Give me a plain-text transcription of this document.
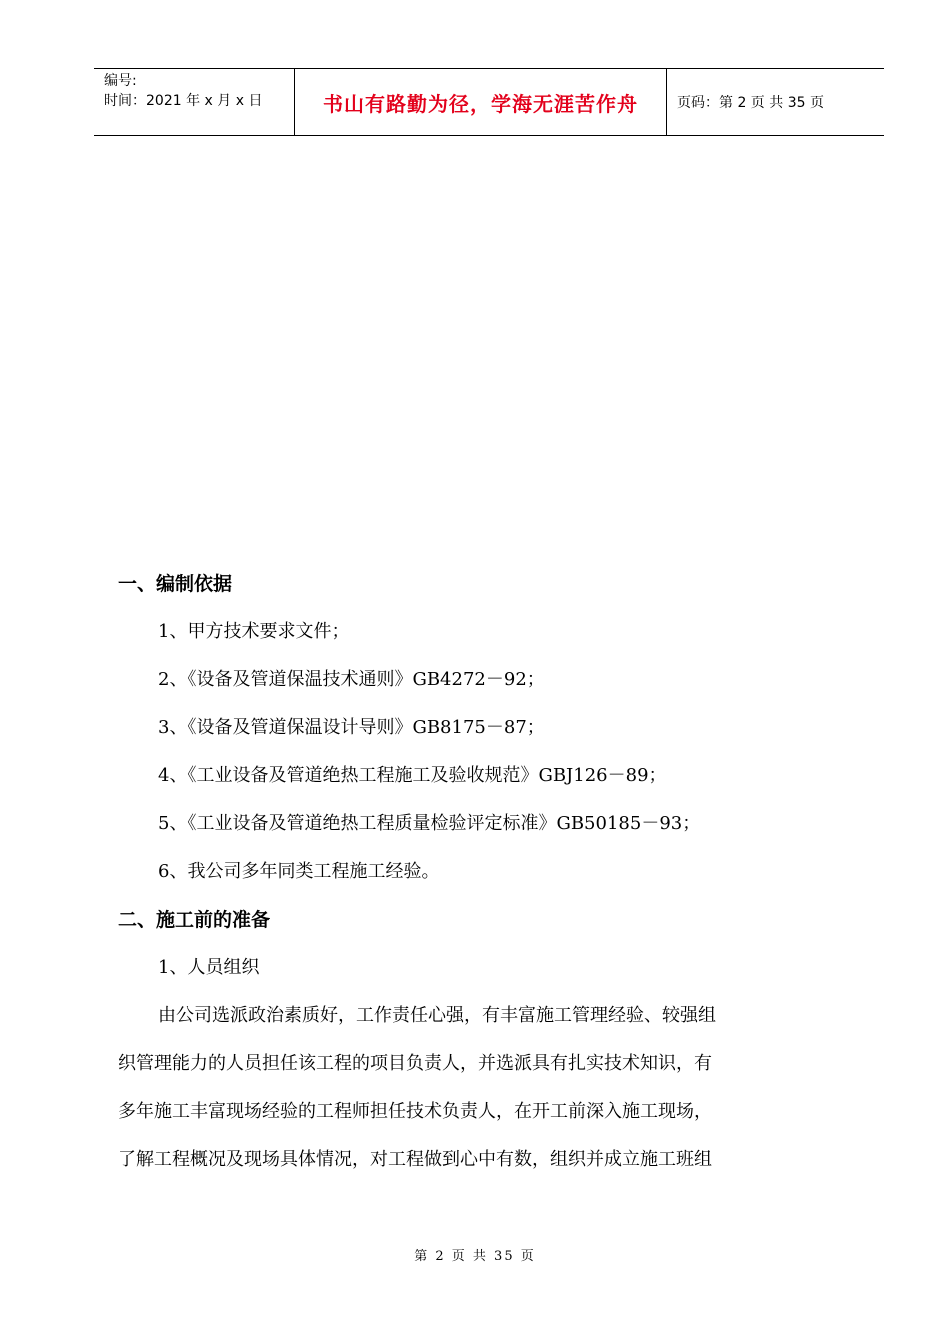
编号:
时间：2021 年 x 月 x 日	书山有路勤为径，学海无涯苦作舟	页码：第 2 页 共 35 页
一、编制依据
1、甲方技术要求文件；
2、《设备及管道保温技术通则》GB4272－92；
3、《设备及管道保温设计导则》GB8175－87；
4、《工业设备及管道绝热工程施工及验收规范》GBJ126－89；
5、《工业设备及管道绝热工程质量检验评定标准》GB50185－93；
6、我公司多年同类工程施工经验。
二、施工前的准备
1、人员组织
由公司选派政治素质好，工作责任心强，有丰富施工管理经验、较强组
织管理能力的人员担任该工程的项目负责人，并选派具有扎实技术知识，有
多年施工丰富现场经验的工程师担任技术负责人，在开工前深入施工现场，
了解工程概况及现场具体情况，对工程做到心中有数，组织并成立施工班组
第 2 页 共 35 页
